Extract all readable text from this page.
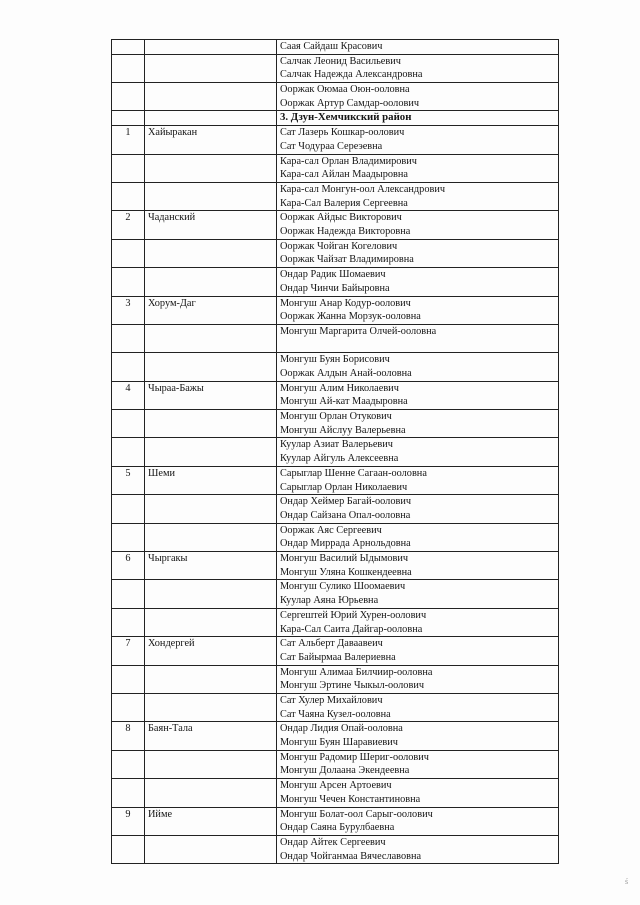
		Саая Сайдаш Красович

		Салчак Леонид Васильевич
Салчак Надежда Александровна

		Ооржак Оюмаа Оюн-ооловна
Ооржак Артур Самдар-оолович

		3. Дзун-Хемчикский район
1	Хайыракан	Сат Лазерь Кошкар-оолович
Сат Чодураа Сереэевна

		Кара-сал Орлан Владимирович
Кара-сал Айлан Маадыровна

		Кара-сал Монгун-оол Александрович
Кара-Сал Валерия Сергеевна

2	Чаданский	Ооржак Айдыс Викторович
Ооржак Надежда Викторовна

		Ооржак Чойган Когелович
Ооржак Чайзат Владимировна

		Ондар Радик Шомаевич
Ондар Чинчи Байыровна

3	Хорум-Даг	Монгуш Анар Кодур-оолович
Ооржак Жанна Морзук-ооловна

		Монгуш Маргарита Олчей-ооловна

		Монгуш Буян Борисович
Ооржак Алдын Анай-ооловна

4	Чыраа-Бажы	Монгуш Алим Николаевич
Монгуш Ай-кат Маадыровна

		Монгуш Орлан Отукович
Монгуш Айслуу Валерьевна

		Куулар Азиат Валерьевич
Куулар Айгуль Алексеевна

5	Шеми	Сарыглар Шенне Сагаан-ооловна
Сарыглар Орлан Николаевич

		Ондар Хеймер Багай-оолович
Ондар Сайзана Опал-ооловна

		Ооржак Аяс Сергеевич
Ондар Миррада Арнольдовна

6	Чыргакы	Монгуш Василий Ыдымович
Монгуш Уляна Кошкендеевна

		Монгуш Сулико Шоомаевич
Куулар Аяна Юрьевна

		Сергештей Юрий Хурен-оолович
Кара-Сал Саита Дайгар-ооловна

7	Хондергей	Сат Альберт Даваавеич
Сат Байырмаа Валериевна

		Монгуш Алимаа Билчиир-ооловна
Монгуш Эртине Чыкыл-оолович

		Сат Хулер Михайлович
Сат Чаяна Кузел-ооловна

8	Баян-Тала	Ондар Лидия Опай-ооловна
Монгуш Буян Шаравиевич

		Монгуш Радомир Шериг-оолович
Монгуш Долаана Экендеевна

		Монгуш Арсен Артоевич
Монгуш Чечен Константиновна

9	Ийме	Монгуш Болат-оол Сарыг-оолович
Ондар Саяна Бурулбаевна

		Ондар Айтек Сергеевич
Ондар Чойганмаа Вячеславовна
ś
